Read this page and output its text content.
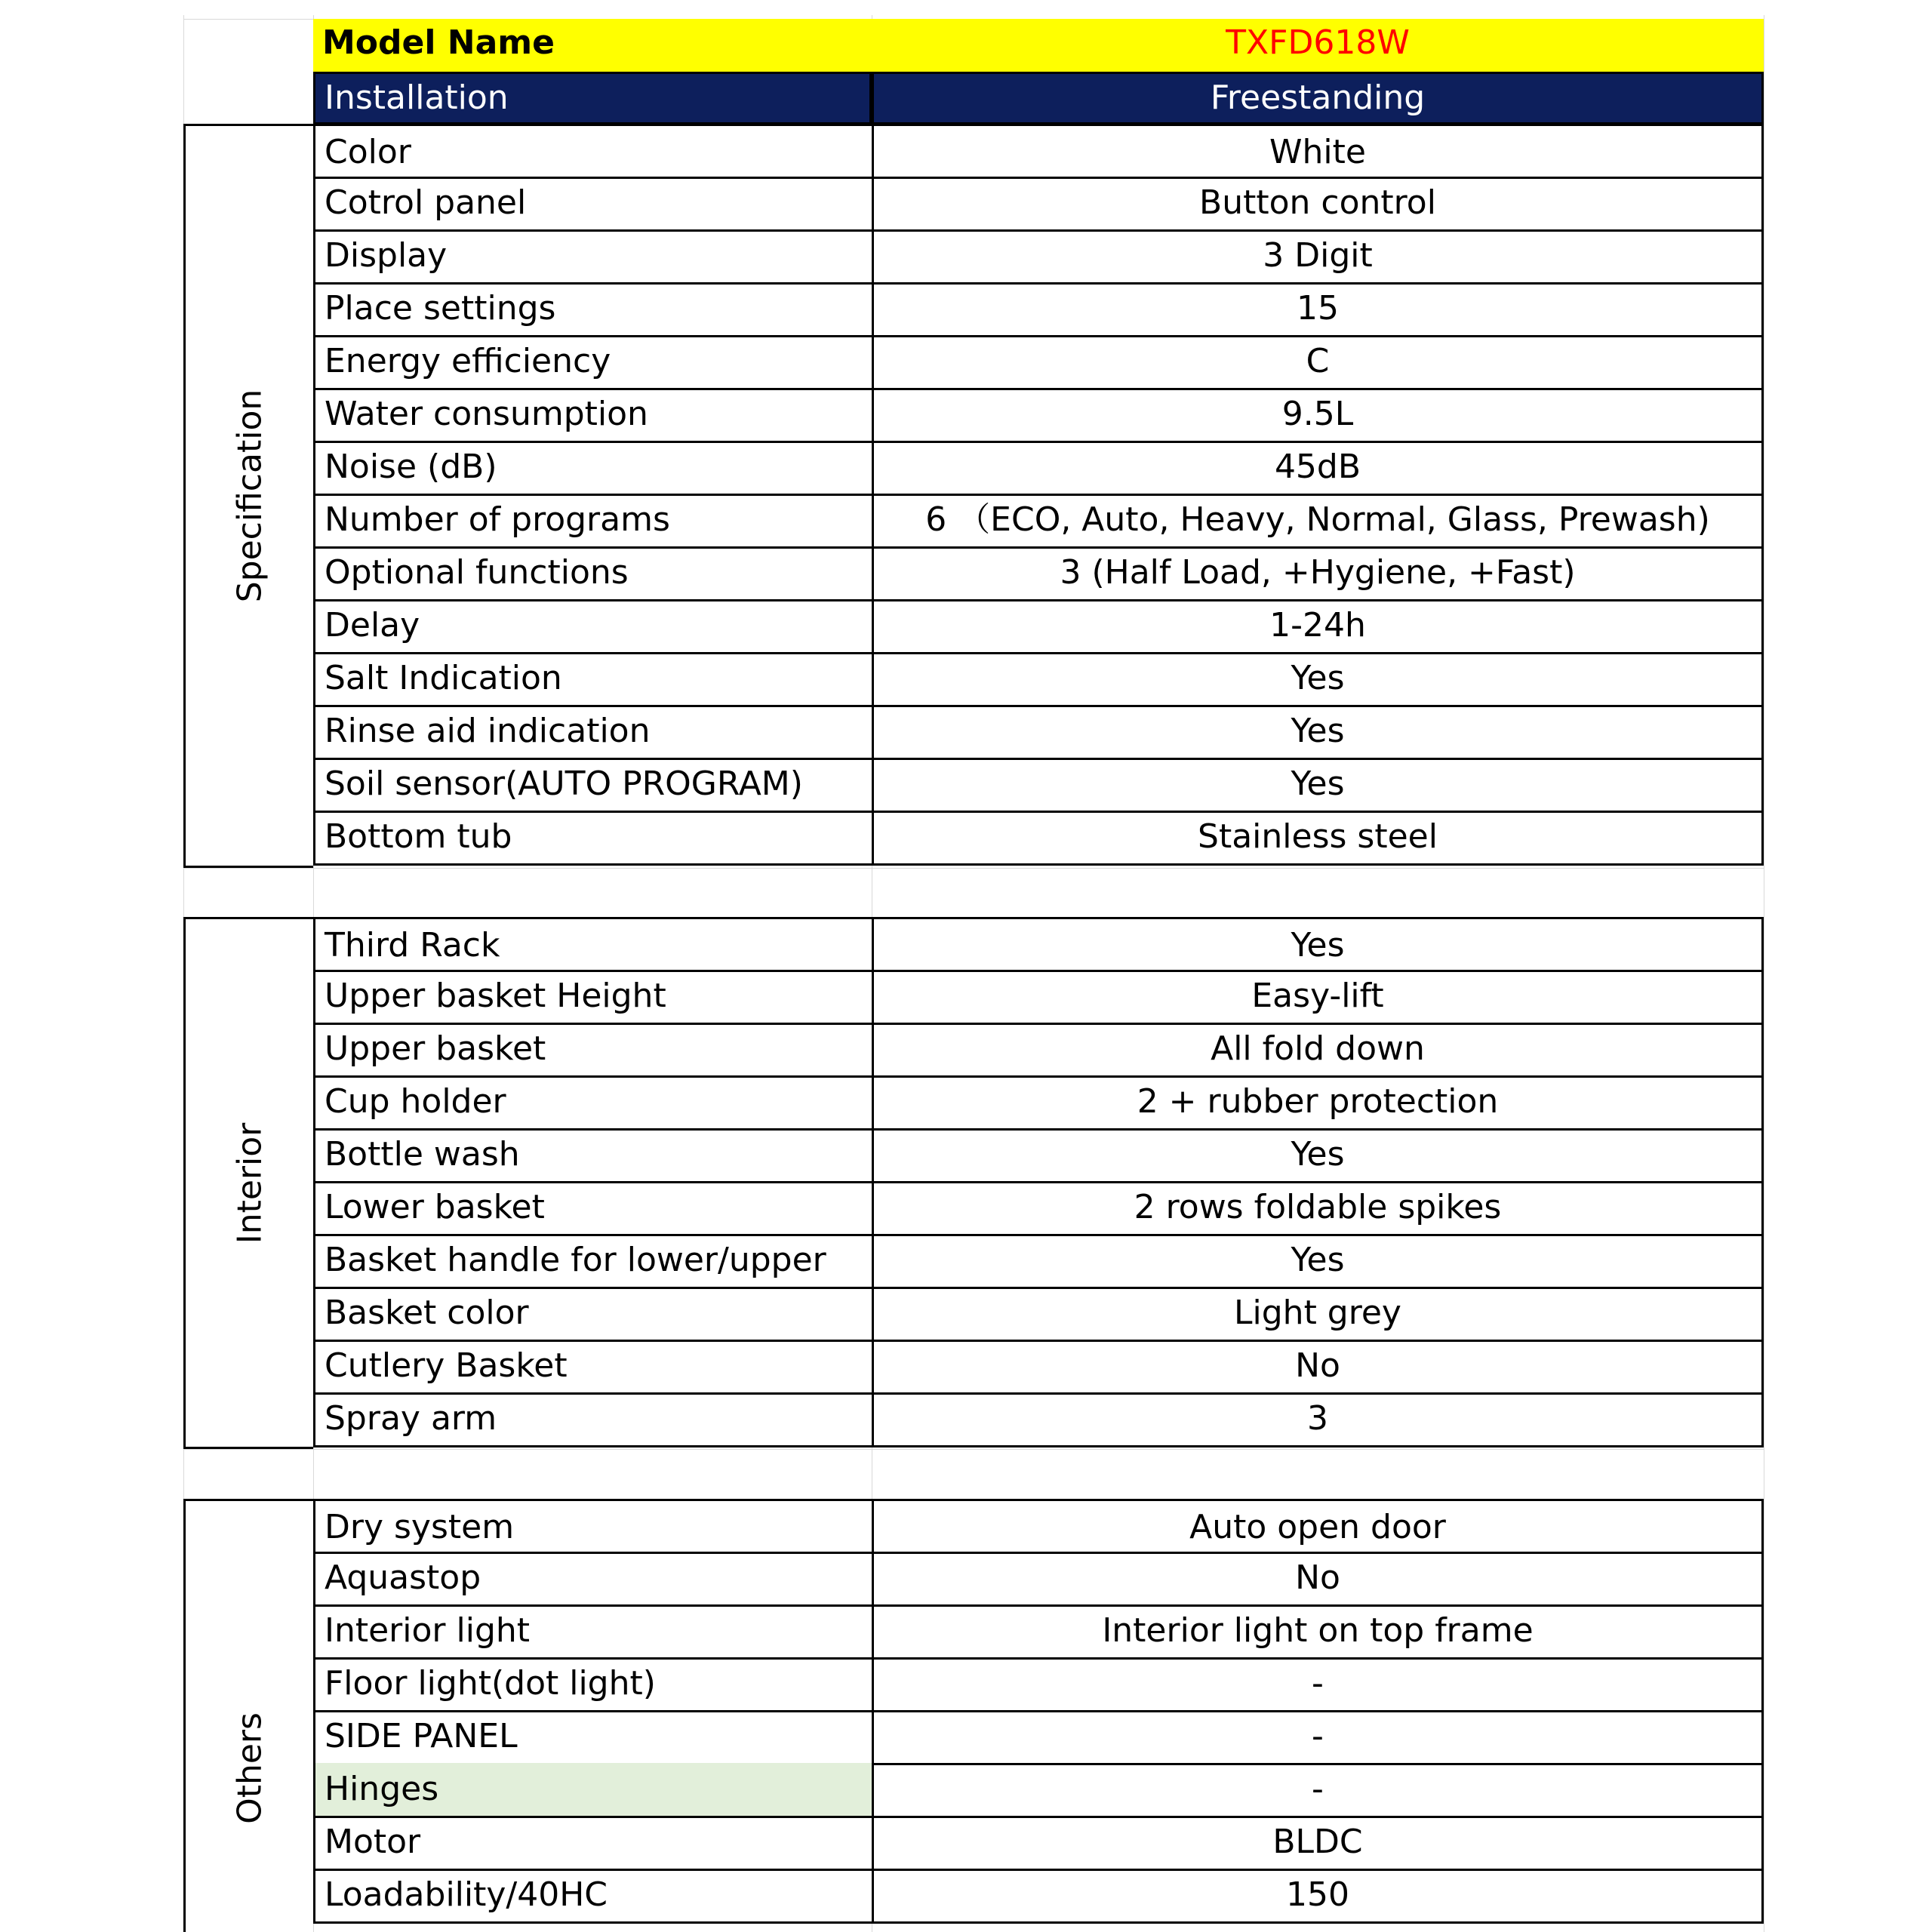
Model Name	TXFD618W
Installation	Freestanding
Specification
Color	White
Cotrol panel	Button control
Display	3 Digit
Place settings	15
Energy efficiency	C
Water consumption	9.5L
Noise (dB)	45dB
Number of programs	6 （ECO, Auto, Heavy, Normal, Glass, Prewash)
Optional functions	3 (Half Load, +Hygiene, +Fast)
Delay	1-24h
Salt Indication	Yes
Rinse aid indication	Yes
Soil sensor(AUTO PROGRAM)	Yes
Bottom tub	Stainless steel
Interior
Third Rack	Yes
Upper basket Height	Easy-lift
Upper basket	All fold down
Cup holder	2 + rubber protection
Bottle wash	Yes
Lower basket	2 rows foldable spikes
Basket handle for lower/upper	Yes
Basket color	Light grey
Cutlery Basket	No
Spray arm	3
Others
Dry system	Auto open door
Aquastop	No
Interior light	Interior light on top frame
Floor light(dot light)	-
SIDE PANEL	-
Hinges	-
Motor	BLDC
Loadability/40HC	150
